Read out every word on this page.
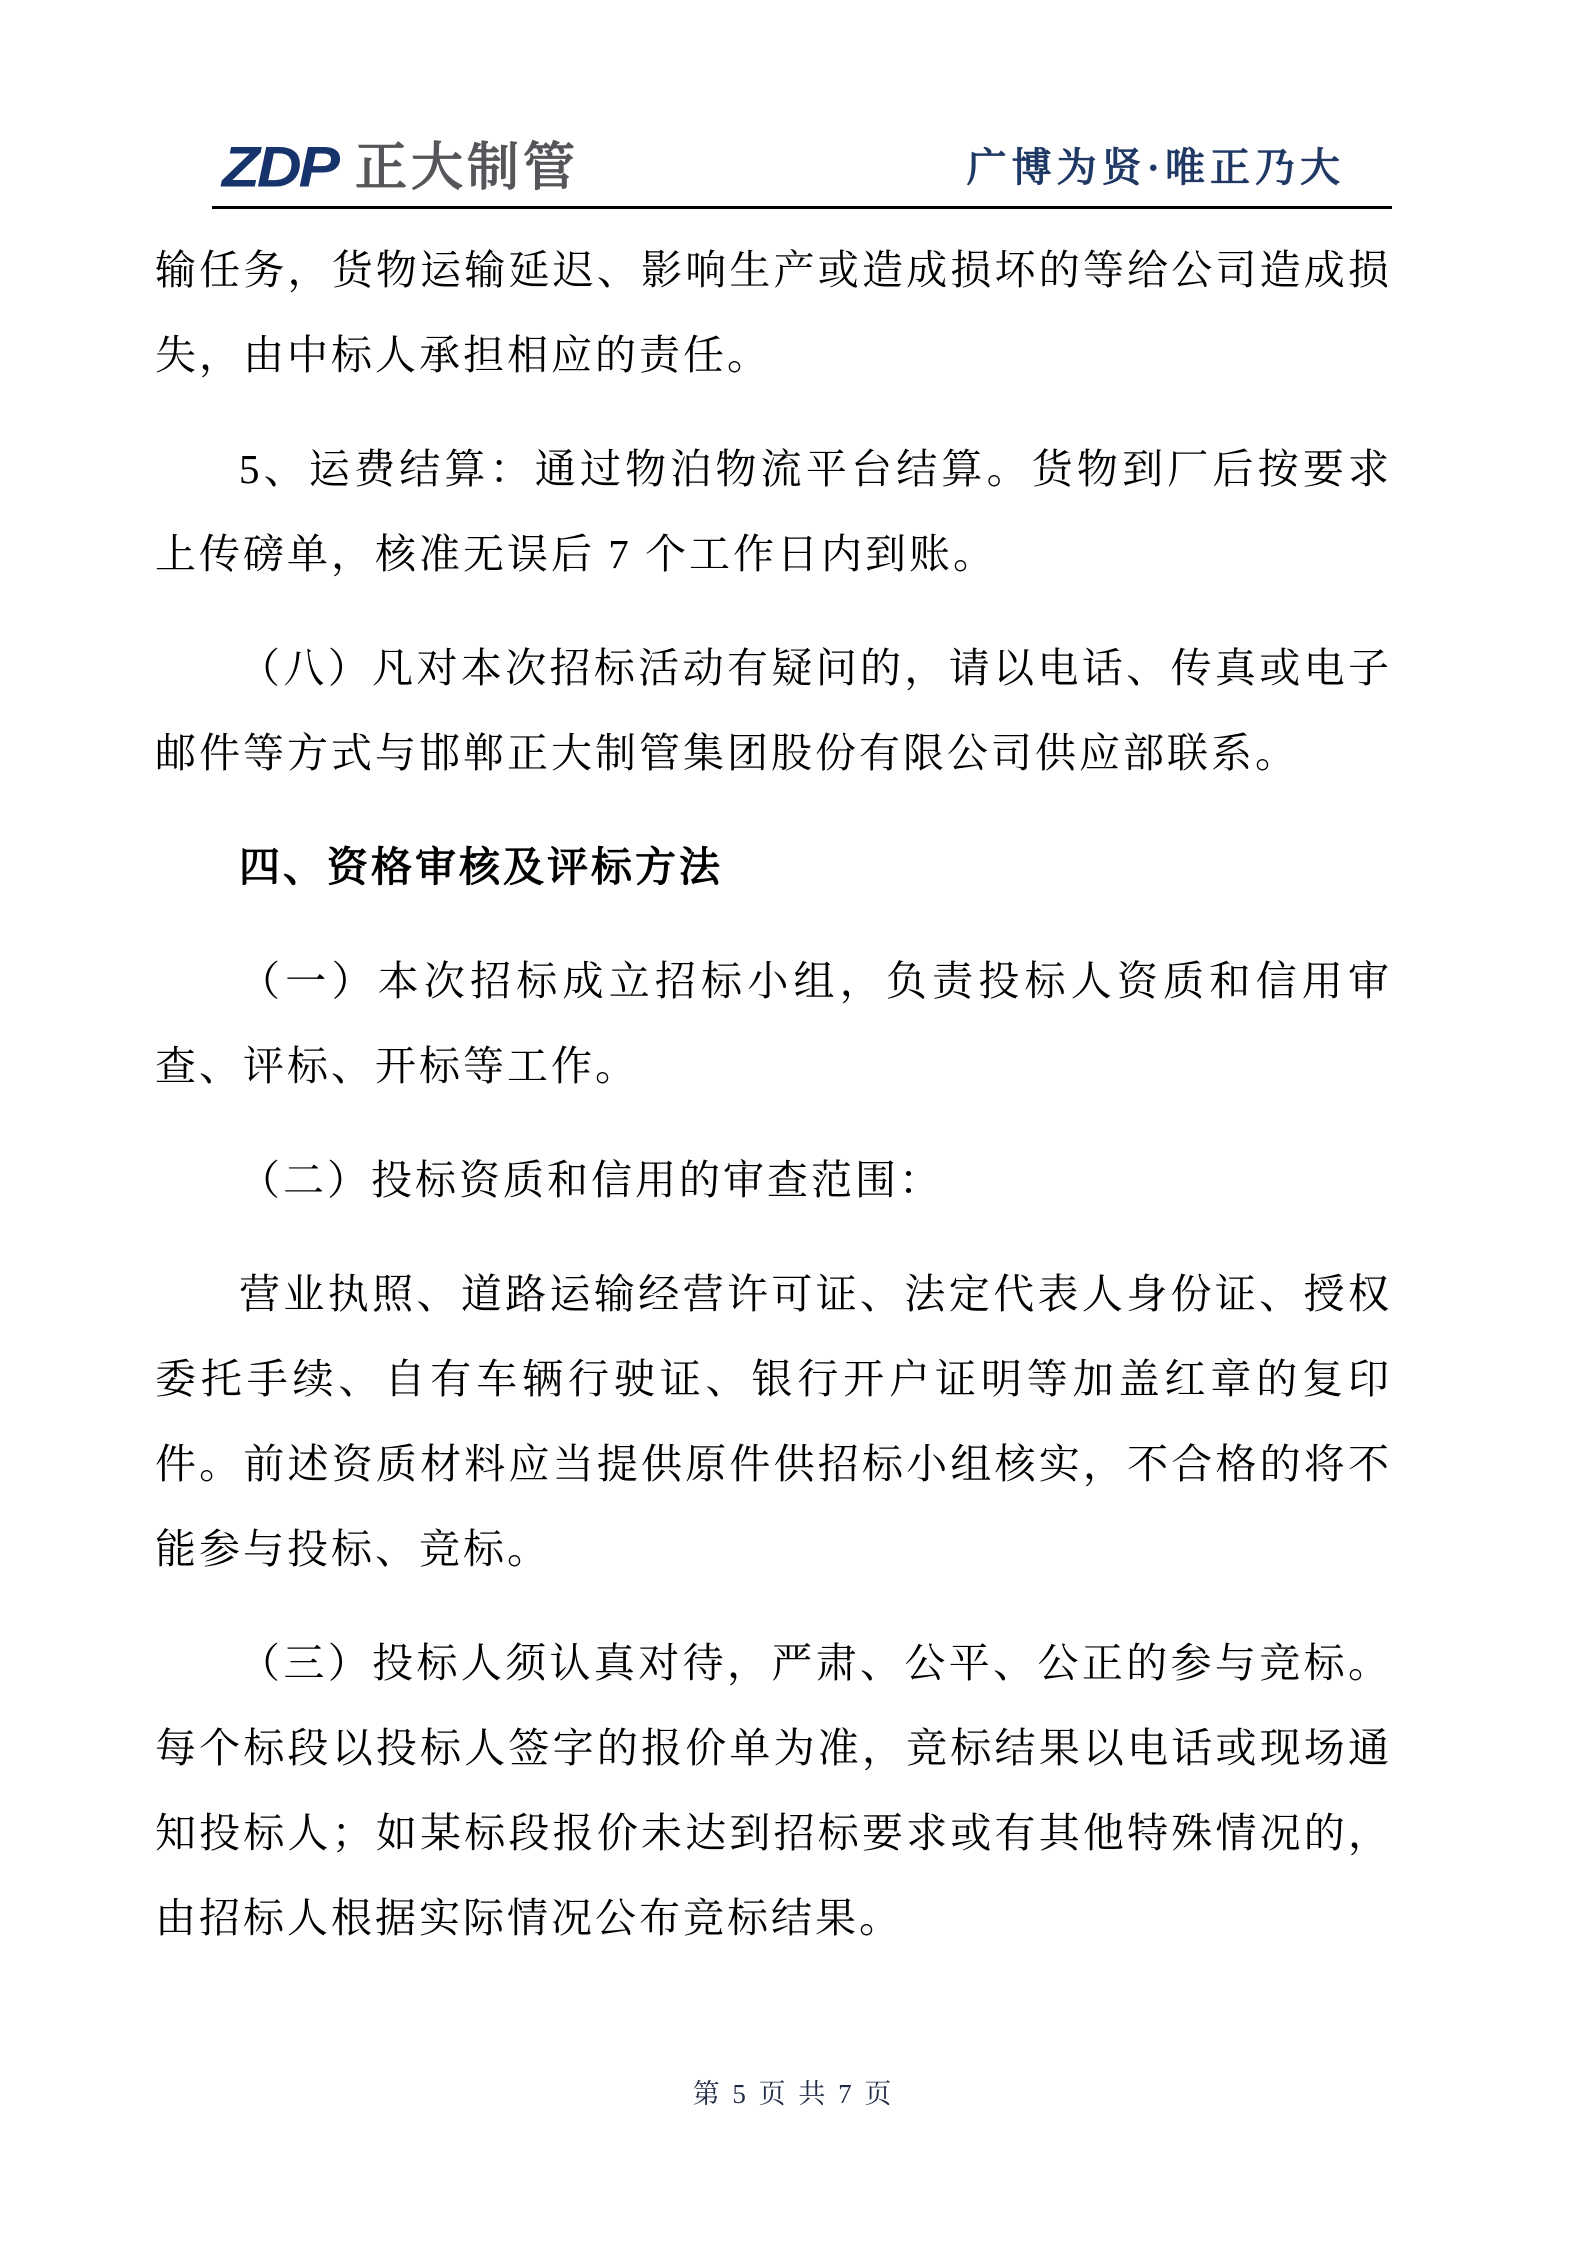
ZDP 正大制管	广博为贤·唯正乃大

输任务，货物运输延迟、影响生产或造成损坏的等给公司造成损失，由中标人承担相应的责任。

5、运费结算：通过物泊物流平台结算。货物到厂后按要求上传磅单，核准无误后 7 个工作日内到账。

（八）凡对本次招标活动有疑问的，请以电话、传真或电子邮件等方式与邯郸正大制管集团股份有限公司供应部联系。

四、资格审核及评标方法

（一）本次招标成立招标小组，负责投标人资质和信用审查、评标、开标等工作。

（二）投标资质和信用的审查范围：

营业执照、道路运输经营许可证、法定代表人身份证、授权委托手续、自有车辆行驶证、银行开户证明等加盖红章的复印件。前述资质材料应当提供原件供招标小组核实，不合格的将不能参与投标、竞标。

（三）投标人须认真对待，严肃、公平、公正的参与竞标。每个标段以投标人签字的报价单为准，竞标结果以电话或现场通知投标人；如某标段报价未达到招标要求或有其他特殊情况的，由招标人根据实际情况公布竞标结果。

第 5 页 共 7 页
